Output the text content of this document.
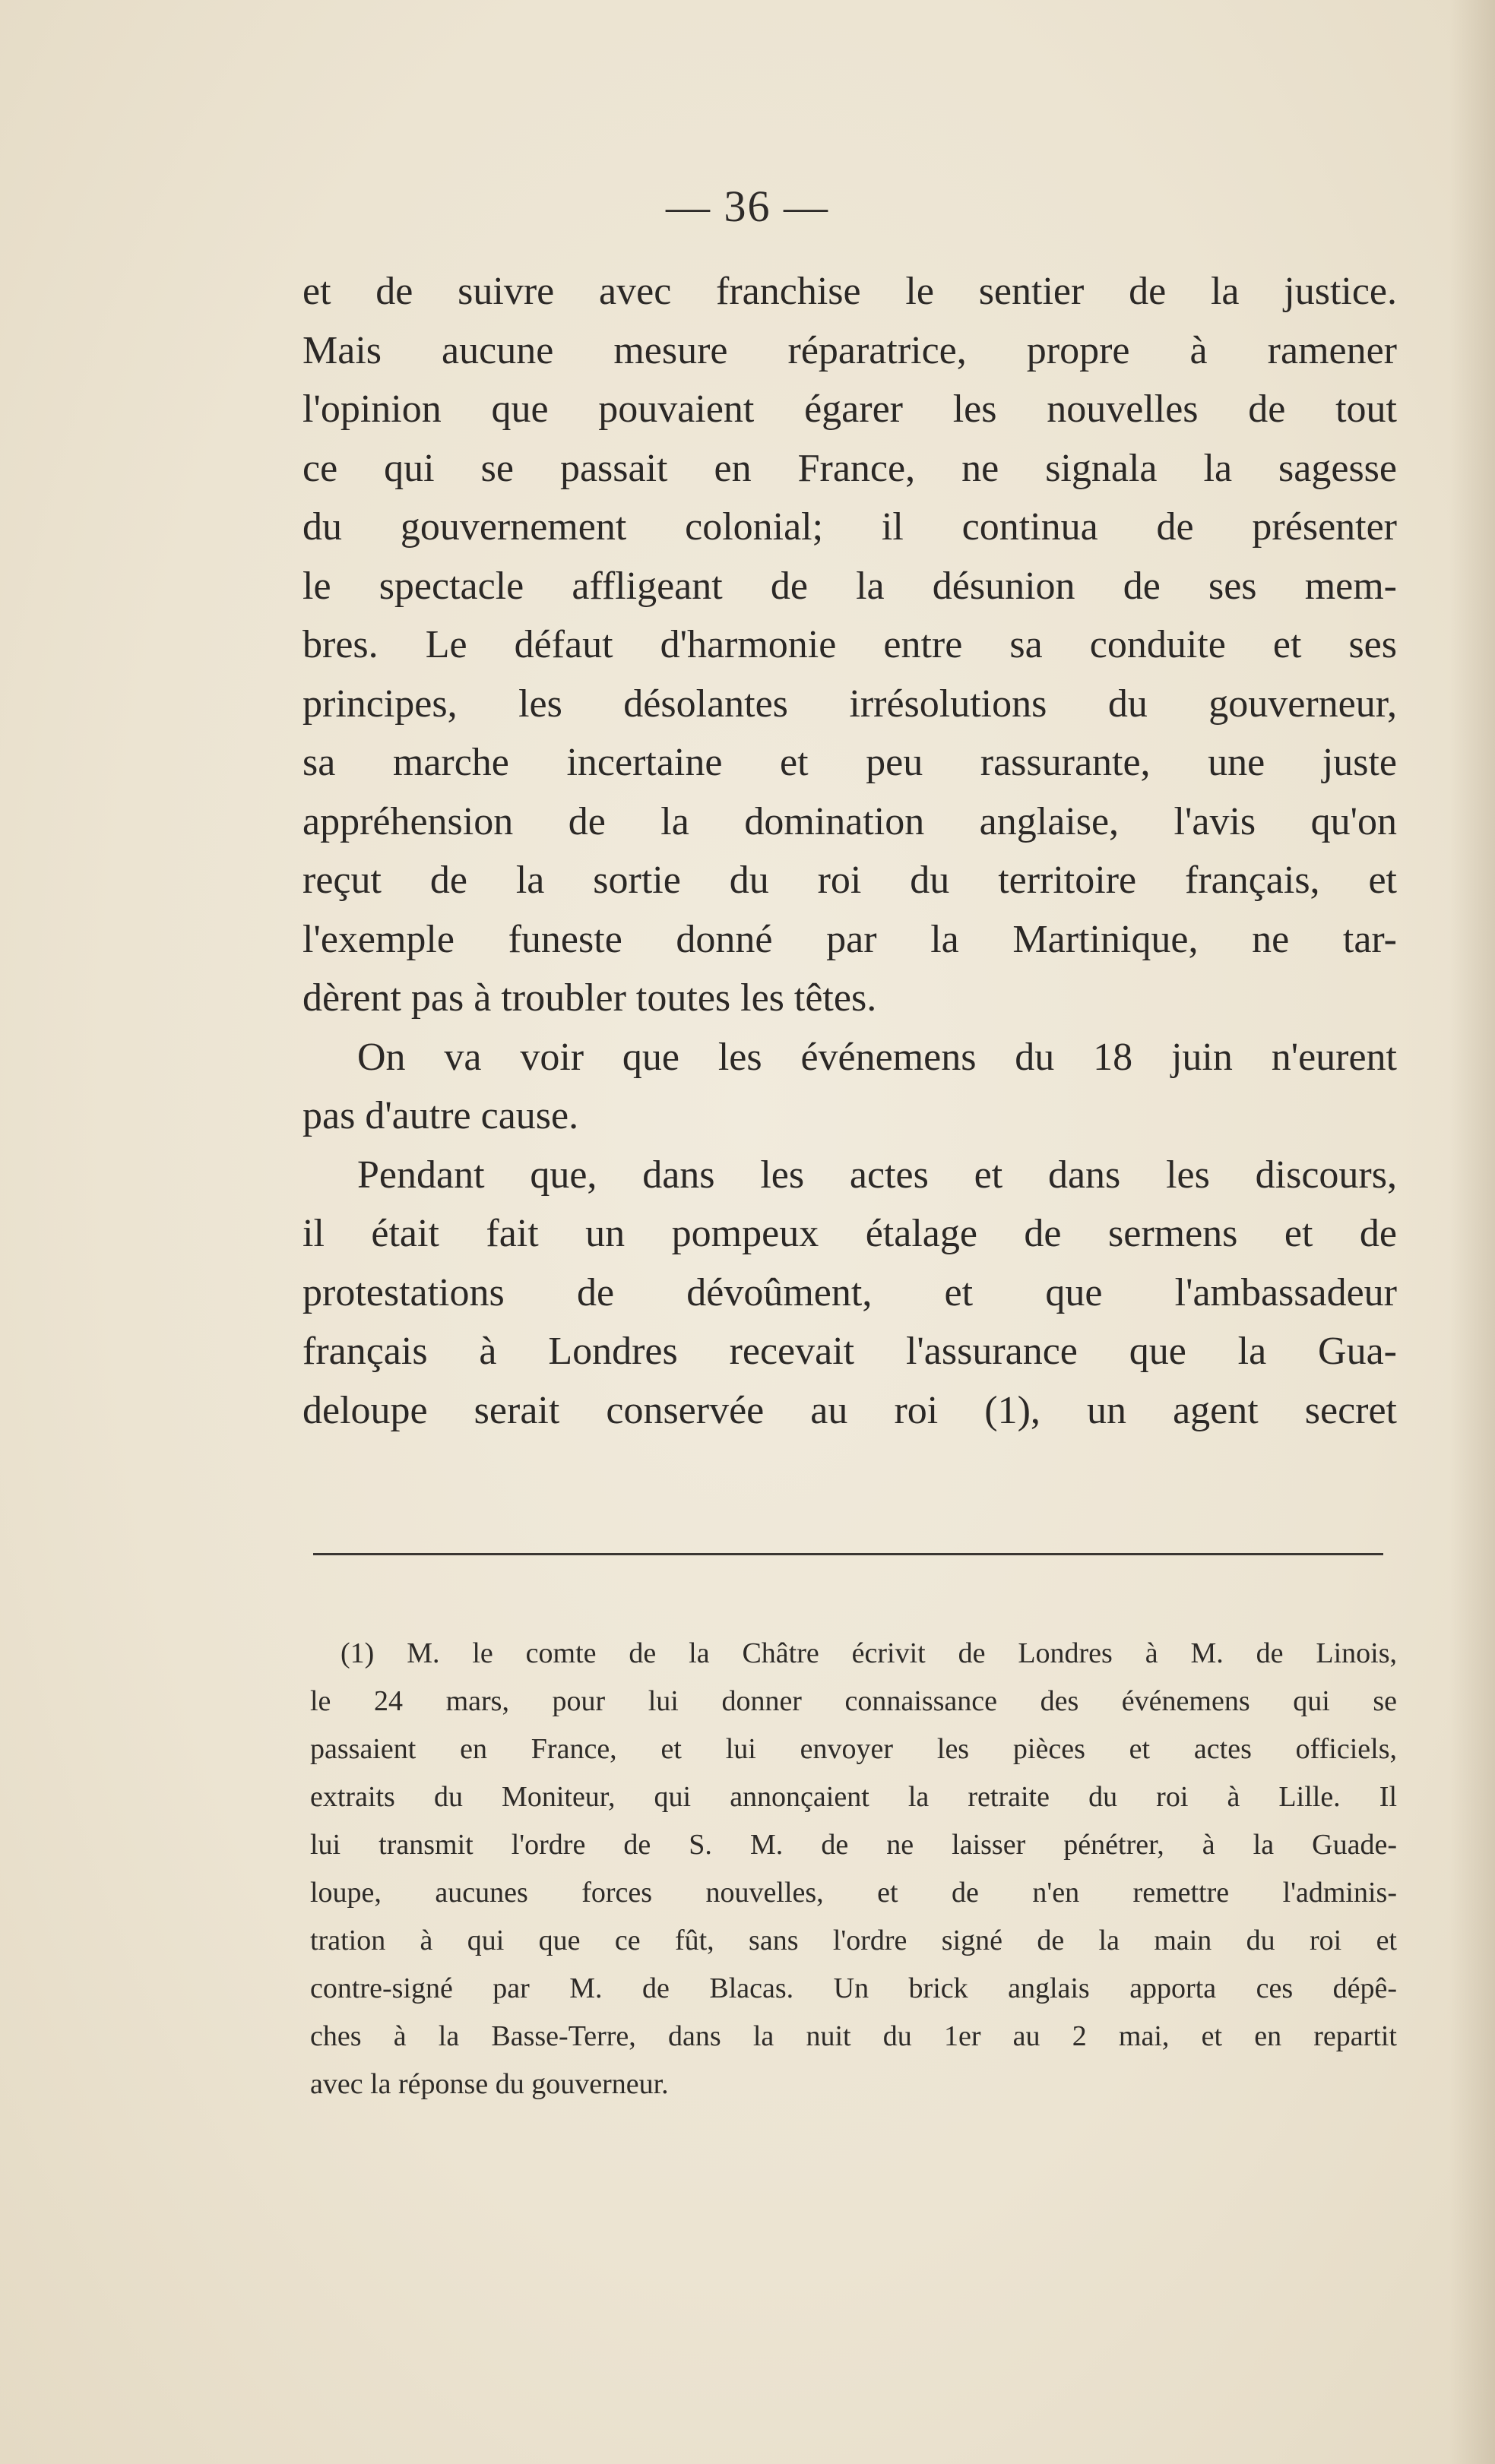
— 36 —
et de suivre avec franchise le sentier de la justice.
Mais aucune mesure réparatrice, propre à ramener
l'opinion que pouvaient égarer les nouvelles de tout
ce qui se passait en France, ne signala la sagesse
du gouvernement colonial; il continua de présenter
le spectacle affligeant de la désunion de ses mem-
bres. Le défaut d'harmonie entre sa conduite et ses
principes, les désolantes irrésolutions du gouverneur,
sa marche incertaine et peu rassurante, une juste
appréhension de la domination anglaise, l'avis qu'on
reçut de la sortie du roi du territoire français, et
l'exemple funeste donné par la Martinique, ne tar-
dèrent pas à troubler toutes les têtes.
On va voir que les événemens du 18 juin n'eurent
pas d'autre cause.
Pendant que, dans les actes et dans les discours,
il était fait un pompeux étalage de sermens et de
protestations de dévoûment, et que l'ambassadeur
français à Londres recevait l'assurance que la Gua-
deloupe serait conservée au roi (1), un agent secret
(1) M. le comte de la Châtre écrivit de Londres à M. de Linois,
le 24 mars, pour lui donner connaissance des événemens qui se
passaient en France, et lui envoyer les pièces et actes officiels,
extraits du Moniteur, qui annonçaient la retraite du roi à Lille. Il
lui transmit l'ordre de S. M. de ne laisser pénétrer, à la Guade-
loupe, aucunes forces nouvelles, et de n'en remettre l'adminis-
tration à qui que ce fût, sans l'ordre signé de la main du roi et
contre-signé par M. de Blacas. Un brick anglais apporta ces dépê-
ches à la Basse-Terre, dans la nuit du 1er au 2 mai, et en repartit
avec la réponse du gouverneur.
